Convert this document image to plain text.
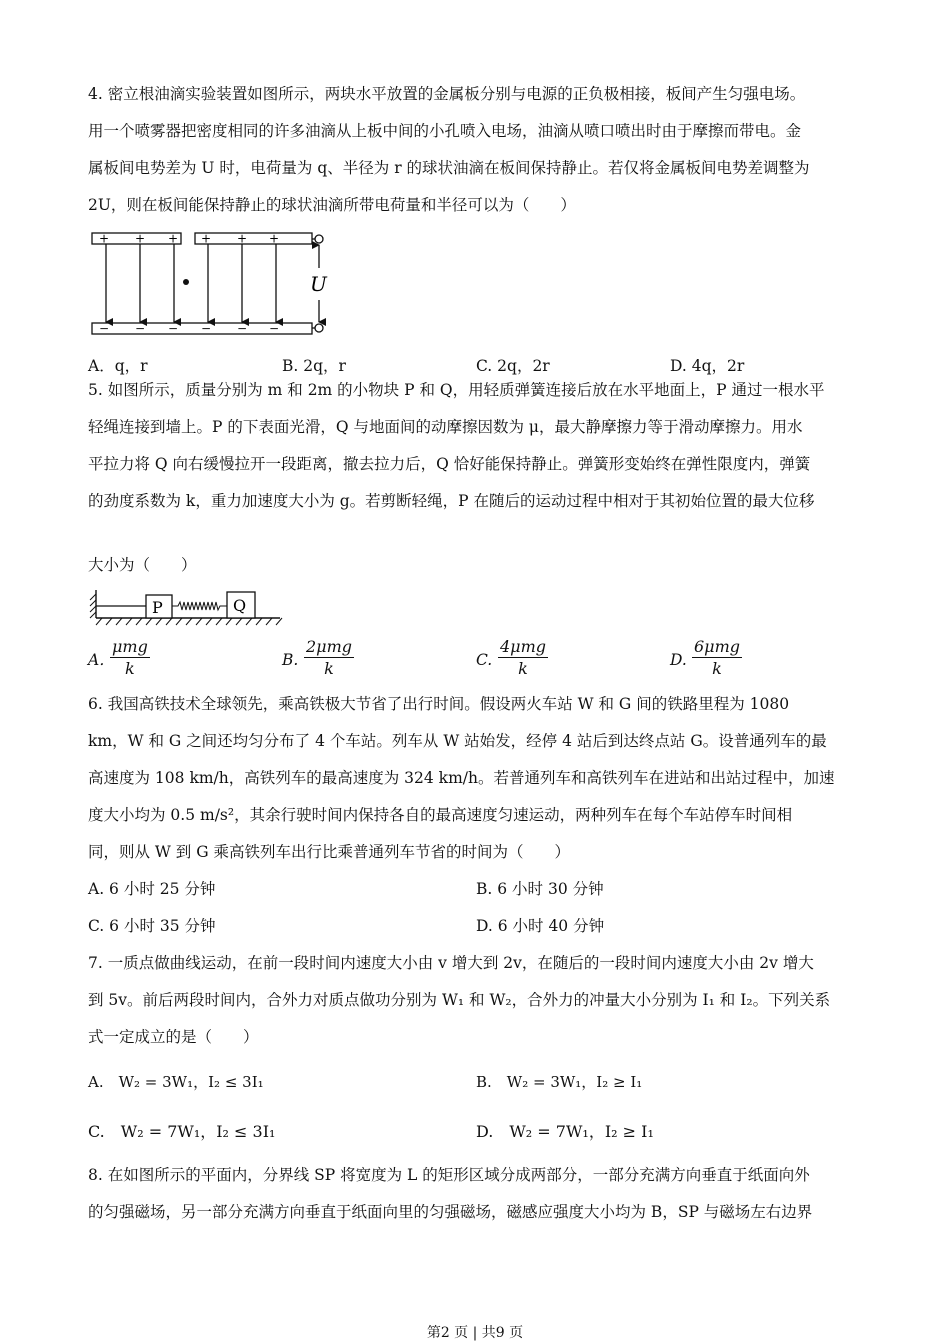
4. 密立根油滴实验装置如图所示，两块水平放置的金属板分别与电源的正负极相接，板间产生匀强电场。
用一个喷雾器把密度相同的许多油滴从上板中间的小孔喷入电场，油滴从喷口喷出时由于摩擦而带电。金
属板间电势差为 U 时，电荷量为 q、半径为 r 的球状油滴在板间保持静止。若仅将金属板间电势差调整为
2U，则在板间能保持静止的球状油滴所带电荷量和半径可以为（　　）
+ + + + + +
− − − − − −
U
A．q，r	B. 2q，r	C. 2q，2r	D. 4q，2r
5. 如图所示，质量分别为 m 和 2m 的小物块 P 和 Q，用轻质弹簧连接后放在水平地面上，P 通过一根水平
轻绳连接到墙上。P 的下表面光滑，Q 与地面间的动摩擦因数为 μ，最大静摩擦力等于滑动摩擦力。用水
平拉力将 Q 向右缓慢拉开一段距离，撤去拉力后，Q 恰好能保持静止。弹簧形变始终在弹性限度内，弹簧
的劲度系数为 k，重力加速度大小为 g。若剪断轻绳，P 在随后的运动过程中相对于其初始位置的最大位移
大小为（　　）
P	Q
A．
μmg
k	B.
2μmg
k	C.
4μmg
k	D.
6μmg
k
6. 我国高铁技术全球领先，乘高铁极大节省了出行时间。假设两火车站 W 和 G 间的铁路里程为 1080
km，W 和 G 之间还均匀分布了 4 个车站。列车从 W 站始发，经停 4 站后到达终点站 G。设普通列车的最
高速度为 108 km/h，高铁列车的最高速度为 324 km/h。若普通列车和高铁列车在进站和出站过程中，加速
度大小均为 0.5 m/s²，其余行驶时间内保持各自的最高速度匀速运动，两种列车在每个车站停车时间相
同，则从 W 到 G 乘高铁列车出行比乘普通列车节省的时间为（　　）
A. 6 小时 25 分钟	B. 6 小时 30 分钟
C. 6 小时 35 分钟	D. 6 小时 40 分钟
7. 一质点做曲线运动，在前一段时间内速度大小由 v 增大到 2v，在随后的一段时间内速度大小由 2v 增大
到 5v。前后两段时间内，合外力对质点做功分别为 W₁ 和 W₂，合外力的冲量大小分别为 I₁ 和 I₂。下列关系
式一定成立的是（　　）
A.　W₂ = 3W₁，I₂ ≤ 3I₁	B.　W₂ = 3W₁，I₂ ≥ I₁
C.　W₂ = 7W₁，I₂ ≤ 3I₁	D.　W₂ = 7W₁，I₂ ≥ I₁
8. 在如图所示的平面内，分界线 SP 将宽度为 L 的矩形区域分成两部分，一部分充满方向垂直于纸面向外
的匀强磁场，另一部分充满方向垂直于纸面向里的匀强磁场，磁感应强度大小均为 B，SP 与磁场左右边界
第2 页 | 共9 页
